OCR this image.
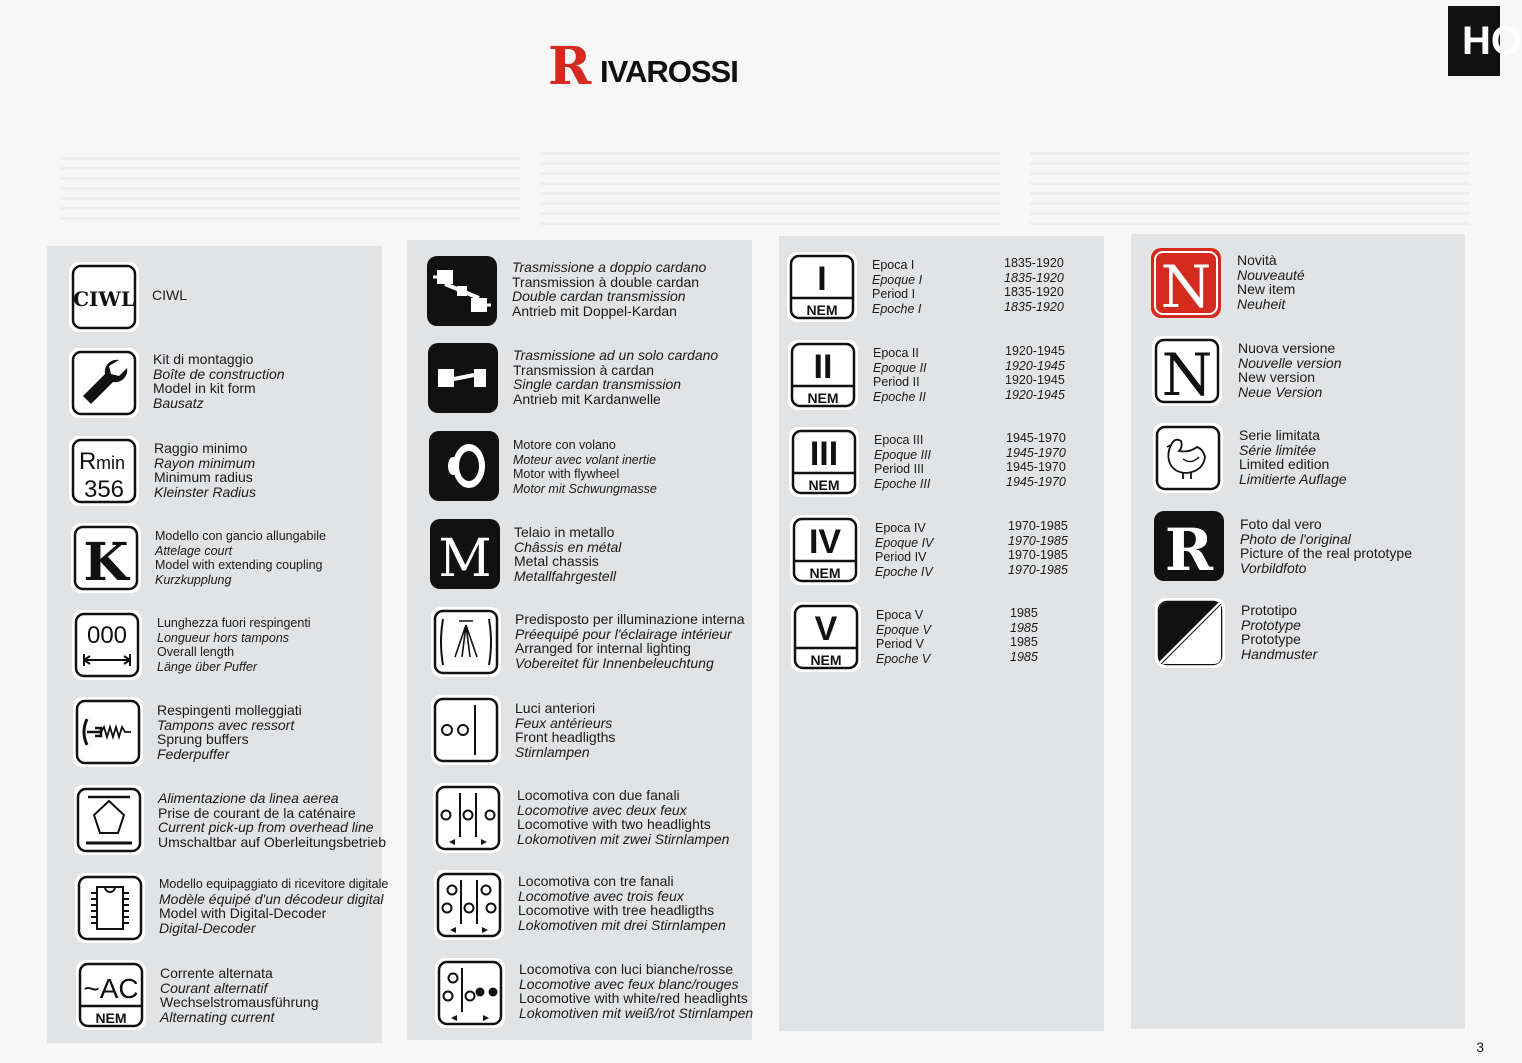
HO
R IVAROSSI
CIWL CIWL
Kit di montaggio
Boîte de construction
Model in kit form
Bausatz
R min
356
Raggio minimo
Rayon minimum
Minimum radius
Kleinster Radius
K Modello con gancio allungabile
Attelage court
Model with extending coupling
Kurzkupplung
000 Lunghezza fuori respingenti
Longueur hors tampons
Overall length
Länge über Puffer
Respingenti molleggiati
Tampons avec ressort
Sprung buffers
Federpuffer
Alimentazione da linea aerea
Prise de courant de la caténaire
Current pick-up from overhead line
Umschaltbar auf Oberleitungsbetrieb
Modello equipaggiato di ricevitore digitale
Modèle équipé d'un décodeur digital
Model with Digital-Decoder
Digital-Decoder
~AC
NEM
Corrente alternata
Courant alternatif
Wechselstromausführung
Alternating current
Trasmissione a doppio cardano
Transmission à double cardan
Double cardan transmission
Antrieb mit Doppel-Kardan
Trasmissione ad un solo cardano
Transmission à cardan
Single cardan transmission
Antrieb mit Kardanwelle
Motore con volano
Moteur avec volant inertie
Motor with flywheel
Motor mit Schwungmasse
M Telaio in metallo
Châssis en métal
Metal chassis
Metallfahrgestell
Predisposto per illuminazione interna
Préequipé pour l'éclairage intérieur
Arranged for internal lighting
Vobereitet für Innenbeleuchtung
Luci anteriori
Feux antérieurs
Front headligths
Stirnlampen
Locomotiva con due fanali
Locomotive avec deux feux
Locomotive with two headlights
Lokomotiven mit zwei Stirnlampen
Locomotiva con tre fanali
Locomotive avec trois feux
Locomotive with tree headligths
Lokomotiven mit drei Stirnlampen
Locomotiva con luci bianche/rosse
Locomotive avec feux blanc/rouges
Locomotive with white/red headlights
Lokomotiven mit weiß/rot Stirnlampen
I
NEM
Epoca I
Epoque I
Period I
Epoche I
1835-1920
1835-1920
1835-1920
1835-1920
II
NEM
Epoca II
Epoque II
Period II
Epoche II
1920-1945
1920-1945
1920-1945
1920-1945
III
NEM
Epoca III
Epoque III
Period III
Epoche III
1945-1970
1945-1970
1945-1970
1945-1970
IV
NEM
Epoca IV
Epoque IV
Period IV
Epoche IV
1970-1985
1970-1985
1970-1985
1970-1985
V
NEM
Epoca V
Epoque V
Period V
Epoche V
1985
1985
1985
1985
N Novità
Nouveauté
New item
Neuheit
N Nuova versione
Nouvelle version
New version
Neue Version
Serie limitata
Série limitée
Limited edition
Limitierte Auflage
R Foto dal vero
Photo de l'original
Picture of the real prototype
Vorbildfoto
Prototipo
Prototype
Prototype
Handmuster
3
